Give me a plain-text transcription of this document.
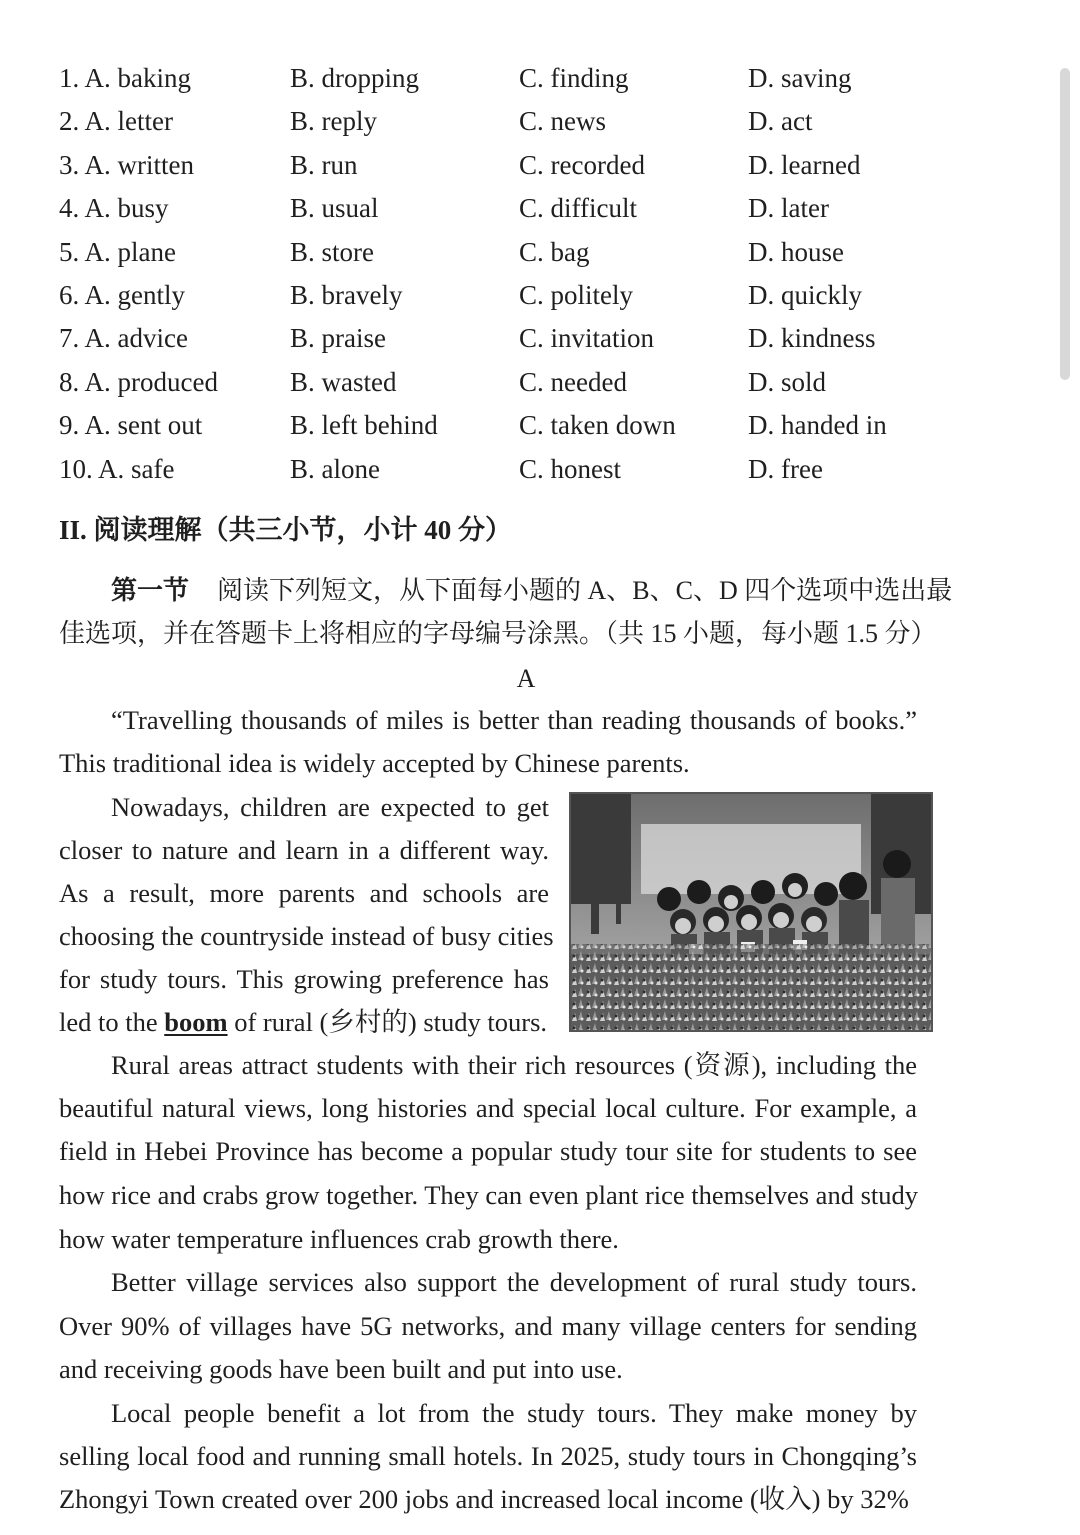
1. A. baking	B. dropping	C. finding	D. saving
2. A. letter	B. reply	C. news	D. act
3. A. written	B. run	C. recorded	D. learned
4. A. busy	B. usual	C. difficult	D. later
5. A. plane	B. store	C. bag	D. house
6. A. gently	B. bravely	C. politely	D. quickly
7. A. advice	B. praise	C. invitation	D. kindness
8. A. produced	B. wasted	C. needed	D. sold
9. A. sent out	B. left behind	C. taken down	D. handed in
10. A. safe	B. alone	C. honest	D. free
II. 阅读理解（共三小节，小计 40 分）
第一节 阅读下列短文，从下面每小题的 A、B、C、D 四个选项中选出最
佳选项，并在答题卡上将相应的字母编号涂黑。（共 15 小题，每小题 1.5 分）
A
“Travelling thousands of miles is better than reading thousands of books.”
This traditional idea is widely accepted by Chinese parents.
Nowadays, children are expected to get
closer to nature and learn in a different way.
As a result, more parents and schools are
choosing the countryside instead of busy cities
for study tours. This growing preference has
led to the boom of rural (乡村的) study tours.
Rural areas attract students with their rich resources (资源), including the
beautiful natural views, long histories and special local culture. For example, a
field in Hebei Province has become a popular study tour site for students to see
how rice and crabs grow together. They can even plant rice themselves and study
how water temperature influences crab growth there.
Better village services also support the development of rural study tours.
Over 90% of villages have 5G networks, and many village centers for sending
and receiving goods have been built and put into use.
Local people benefit a lot from the study tours. They make money by
selling local food and running small hotels. In 2025, study tours in Chongqing’s
Zhongyi Town created over 200 jobs and increased local income (收入) by 32%
